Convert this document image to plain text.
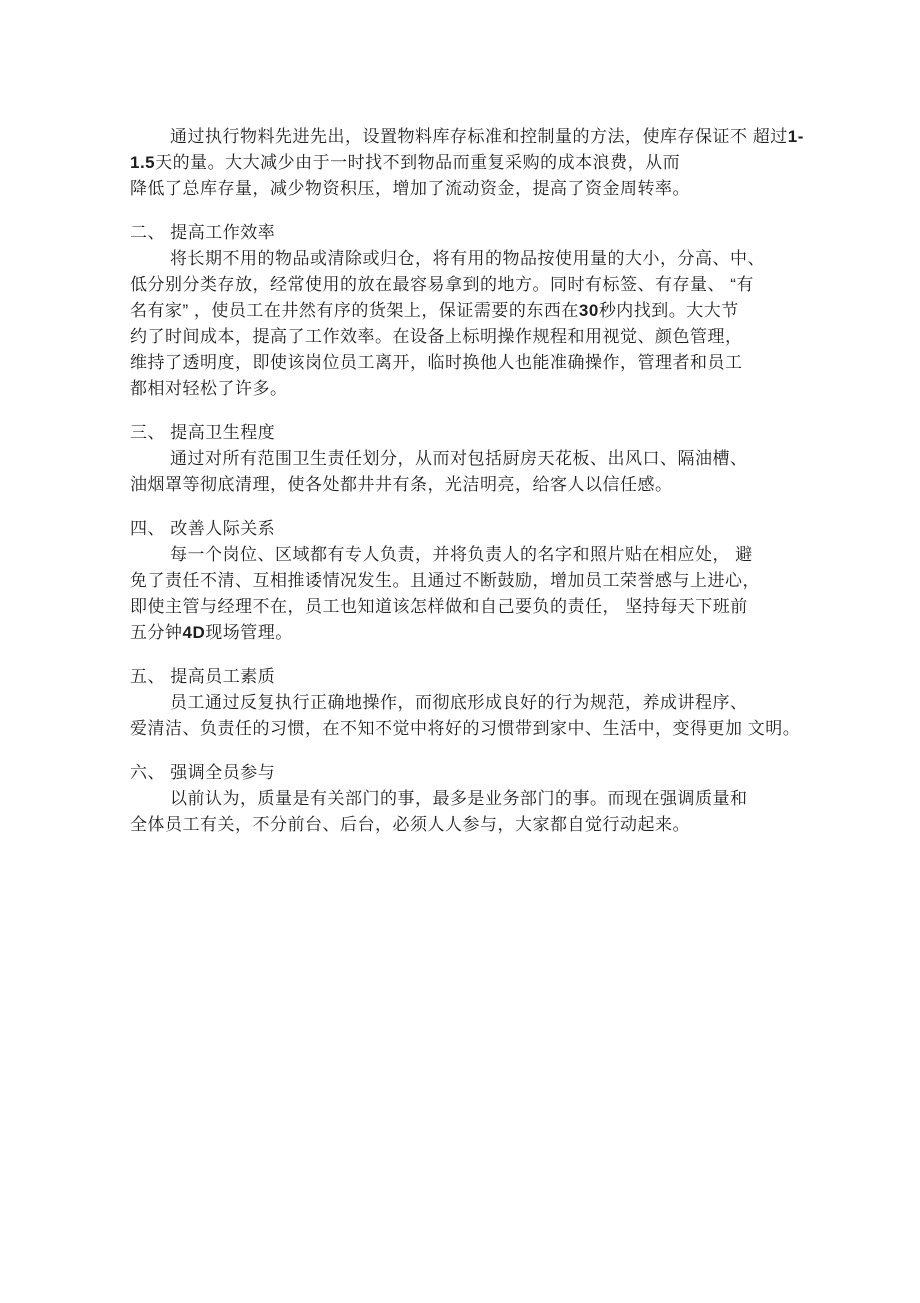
通过执行物料先进先出，设置物料库存标准和控制量的方法，使库存保证不 超过1-
1.5天的量。大大减少由于一时找不到物品而重复采购的成本浪费，从而
降低了总库存量，减少物资积压，增加了流动资金，提高了资金周转率。
二、 提高工作效率
将长期不用的物品或清除或归仓，将有用的物品按使用量的大小，分高、中、
低分别分类存放，经常使用的放在最容易拿到的地方。同时有标签、有存量、 “有
名有家” ，使员工在井然有序的货架上，保证需要的东西在30秒内找到。大大节
约了时间成本，提高了工作效率。在设备上标明操作规程和用视觉、颜色管理，
维持了透明度，即使该岗位员工离开，临时换他人也能准确操作，管理者和员工
都相对轻松了许多。
三、 提高卫生程度
通过对所有范围卫生责任划分，从而对包括厨房天花板、出风口、隔油槽、
油烟罩等彻底清理，使各处都井井有条，光洁明亮，给客人以信任感。
四、 改善人际关系
每一个岗位、区域都有专人负责，并将负责人的名字和照片贴在相应处， 避
免了责任不清、互相推诿情况发生。且通过不断鼓励，增加员工荣誉感与上进心，
即使主管与经理不在，员工也知道该怎样做和自己要负的责任， 坚持每天下班前
五分钟4D现场管理。
五、 提高员工素质
员工通过反复执行正确地操作，而彻底形成良好的行为规范，养成讲程序、
爱清洁、负责任的习惯，在不知不觉中将好的习惯带到家中、生活中，变得更加 文明。
六、 强调全员参与
以前认为，质量是有关部门的事，最多是业务部门的事。而现在强调质量和
全体员工有关，不分前台、后台，必须人人参与，大家都自觉行动起来。
